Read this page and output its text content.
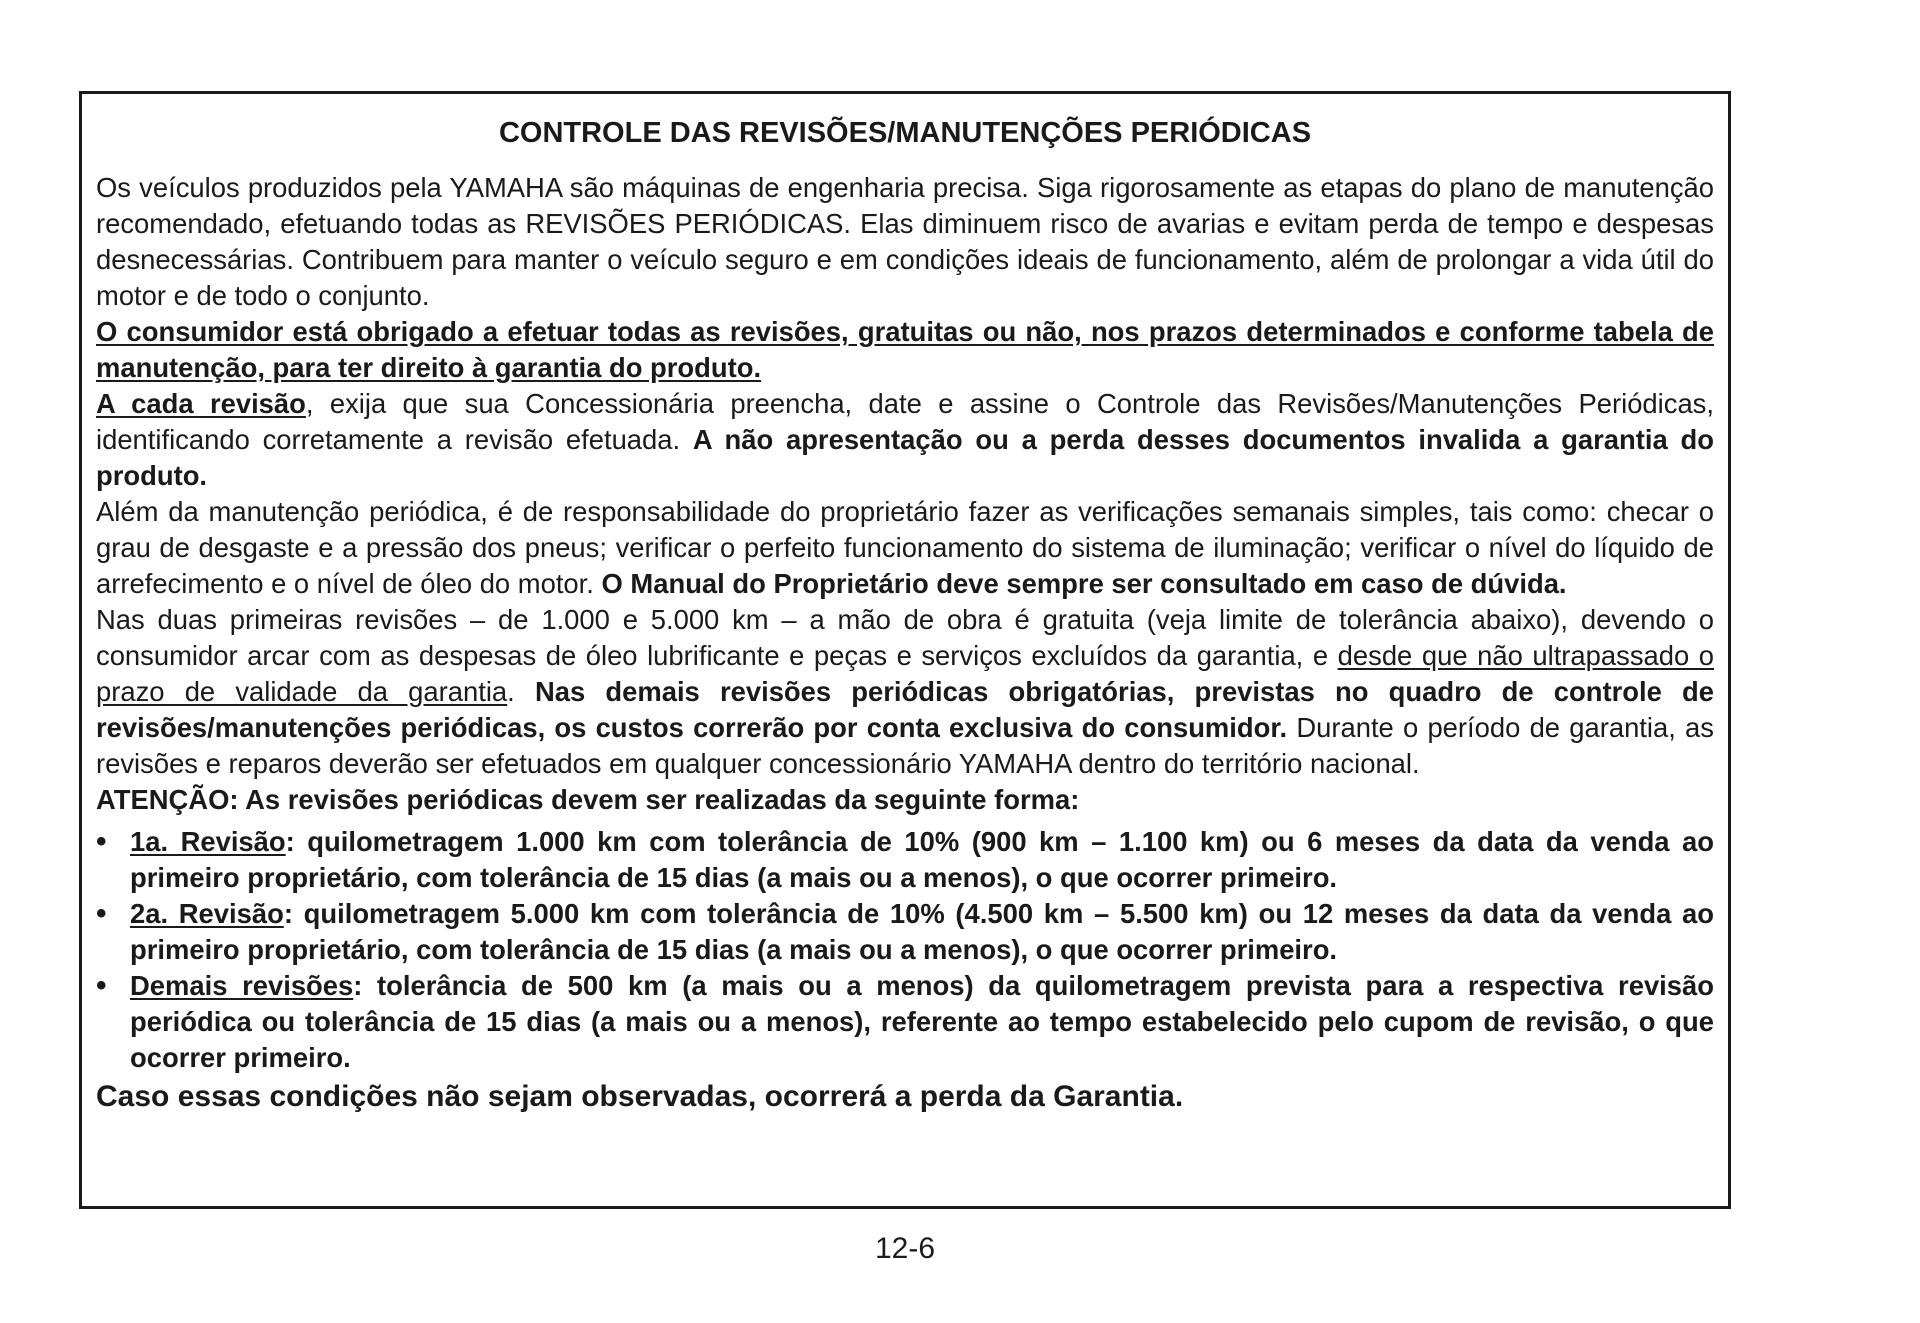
CONTROLE DAS REVISÕES/MANUTENÇÕES PERIÓDICAS

Os veículos produzidos pela YAMAHA são máquinas de engenharia precisa. Siga rigorosamente as etapas do plano de manutenção recomendado, efetuando todas as REVISÕES PERIÓDICAS. Elas diminuem risco de avarias e evitam perda de tempo e despesas desnecessárias. Contribuem para manter o veículo seguro e em condições ideais de funcionamento, além de prolongar a vida útil do motor e de todo o conjunto.

O consumidor está obrigado a efetuar todas as revisões, gratuitas ou não, nos prazos determinados e conforme tabela de manutenção, para ter direito à garantia do produto.

A cada revisão, exija que sua Concessionária preencha, date e assine o Controle das Revisões/Manutenções Periódicas, identificando corretamente a revisão efetuada. A não apresentação ou a perda desses documentos invalida a garantia do produto.

Além da manutenção periódica, é de responsabilidade do proprietário fazer as verificações semanais simples, tais como: checar o grau de desgaste e a pressão dos pneus; verificar o perfeito funcionamento do sistema de iluminação; verificar o nível do líquido de arrefecimento e o nível de óleo do motor. O Manual do Proprietário deve sempre ser consultado em caso de dúvida.

Nas duas primeiras revisões – de 1.000 e 5.000 km – a mão de obra é gratuita (veja limite de tolerância abaixo), devendo o consumidor arcar com as despesas de óleo lubrificante e peças e serviços excluídos da garantia, e desde que não ultrapassado o prazo de validade da garantia. Nas demais revisões periódicas obrigatórias, previstas no quadro de controle de revisões/manutenções periódicas, os custos correrão por conta exclusiva do consumidor. Durante o período de garantia, as revisões e reparos deverão ser efetuados em qualquer concessionário YAMAHA dentro do território nacional.

ATENÇÃO: As revisões periódicas devem ser realizadas da seguinte forma:

• 1a. Revisão: quilometragem 1.000 km com tolerância de 10% (900 km – 1.100 km) ou 6 meses da data da venda ao primeiro proprietário, com tolerância de 15 dias (a mais ou a menos), o que ocorrer primeiro.
• 2a. Revisão: quilometragem 5.000 km com tolerância de 10% (4.500 km – 5.500 km) ou 12 meses da data da venda ao primeiro proprietário, com tolerância de 15 dias (a mais ou a menos), o que ocorrer primeiro.
• Demais revisões: tolerância de 500 km (a mais ou a menos) da quilometragem prevista para a respectiva revisão periódica ou tolerância de 15 dias (a mais ou a menos), referente ao tempo estabelecido pelo cupom de revisão, o que ocorrer primeiro.

Caso essas condições não sejam observadas, ocorrerá a perda da Garantia.

12-6
